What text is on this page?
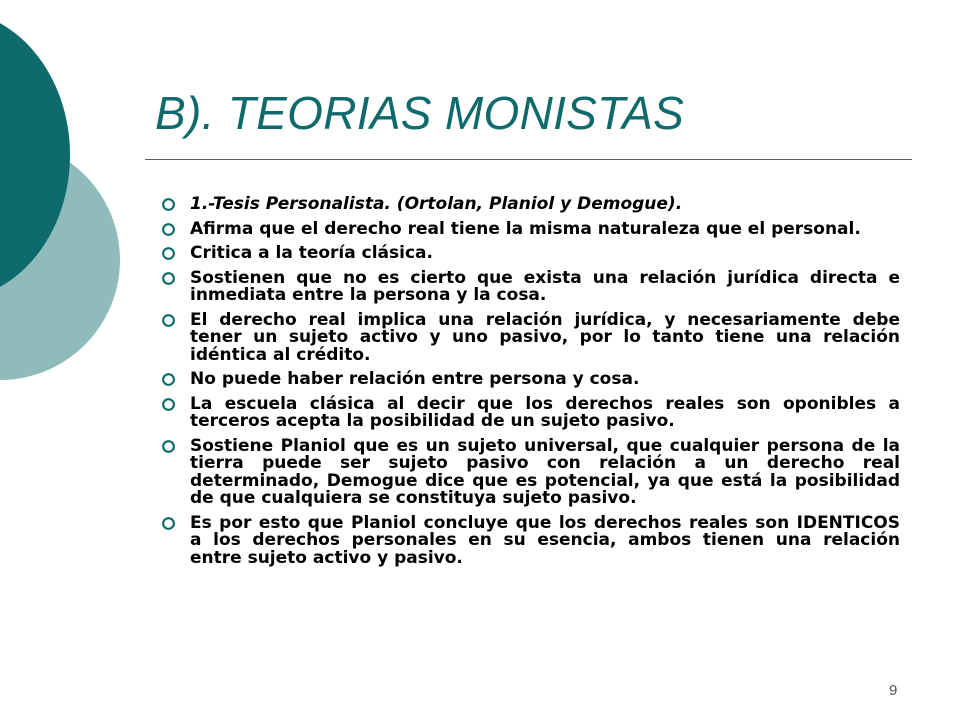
B). TEORIAS MONISTAS
1.-Tesis Personalista. (Ortolan, Planiol y Demogue).
Afirma que el derecho real tiene la misma naturaleza que el personal.
Critica a la teoría clásica.
Sostienen que no es cierto que exista una relación jurídica directa e inmediata entre la persona y la cosa.
El derecho real implica una relación jurídica, y necesariamente debe tener un sujeto activo y uno pasivo, por lo tanto tiene una relación idéntica al crédito.
No puede haber relación entre persona y cosa.
La escuela clásica al decir que los derechos reales son oponibles a terceros acepta la posibilidad de un sujeto pasivo.
Sostiene Planiol que es un sujeto universal, que cualquier persona de la tierra puede ser sujeto pasivo con relación a un derecho real determinado, Demogue dice que es potencial, ya que está la posibilidad de que cualquiera se constituya sujeto pasivo.
Es por esto que Planiol concluye que los derechos reales son IDENTICOS a los derechos personales en su esencia, ambos tienen una relación entre sujeto activo y pasivo.
9
